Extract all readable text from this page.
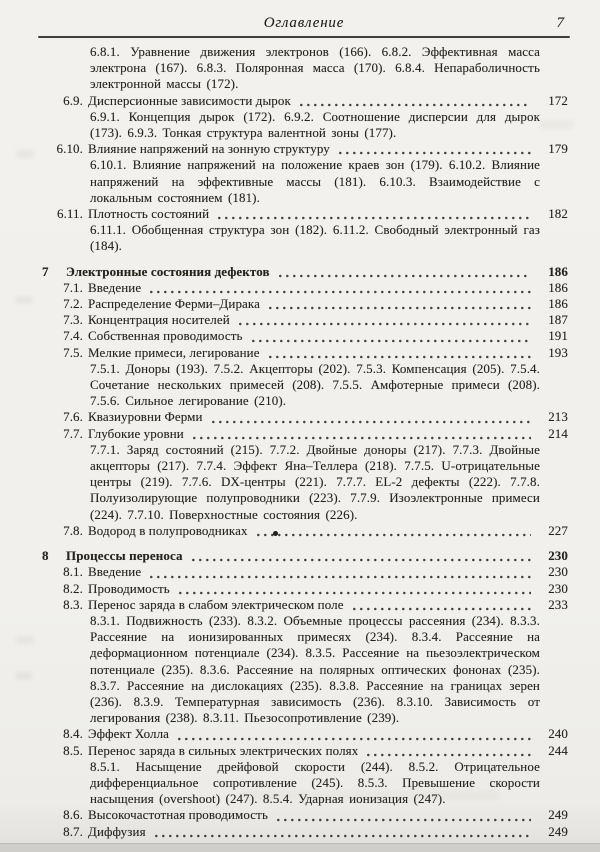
Оглавление	7
6.8.1. Уравнение движения электронов (166). 6.8.2. Эффективная масса электрона (167). 6.8.3. Поляронная масса (170). 6.8.4. Непараболичность электронной массы (172).
6.9. Дисперсионные зависимости дырок	172
6.9.1. Концепция дырок (172). 6.9.2. Соотношение дисперсии для дырок (173). 6.9.3. Тонкая структура валентной зоны (177).
6.10. Влияние напряжений на зонную структуру	179
6.10.1. Влияние напряжений на положение краев зон (179). 6.10.2. Влияние напряжений на эффективные массы (181). 6.10.3. Взаимодействие с локальным состоянием (181).
6.11. Плотность состояний	182
6.11.1. Обобщенная структура зон (182). 6.11.2. Свободный электронный газ (184).
7	Электронные состояния дефектов	186
7.1. Введение	186
7.2. Распределение Ферми–Дирака	186
7.3. Концентрация носителей	187
7.4. Собственная проводимость	191
7.5. Мелкие примеси, легирование	193
7.5.1. Доноры (193). 7.5.2. Акцепторы (202). 7.5.3. Компенсация (205). 7.5.4. Сочетание нескольких примесей (208). 7.5.5. Амфотерные примеси (208). 7.5.6. Сильное легирование (210).
7.6. Квазиуровни Ферми	213
7.7. Глубокие уровни	214
7.7.1. Заряд состояний (215). 7.7.2. Двойные доноры (217). 7.7.3. Двойные акцепторы (217). 7.7.4. Эффект Яна–Теллера (218). 7.7.5. U-отрицательные центры (219). 7.7.6. DX-центры (221). 7.7.7. EL-2 дефекты (222). 7.7.8. Полуизолирующие полупроводники (223). 7.7.9. Изоэлектронные примеси (224). 7.7.10. Поверхностные состояния (226).
7.8. Водород в полупроводниках	227
8	Процессы переноса	230
8.1. Введение	230
8.2. Проводимость	230
8.3. Перенос заряда в слабом электрическом поле	233
8.3.1. Подвижность (233). 8.3.2. Объемные процессы рассеяния (234). 8.3.3. Рассеяние на ионизированных примесях (234). 8.3.4. Рассеяние на деформационном потенциале (234). 8.3.5. Рассеяние на пьезоэлектрическом потенциале (235). 8.3.6. Рассеяние на полярных оптических фононах (235). 8.3.7. Рассеяние на дислокациях (235). 8.3.8. Рассеяние на границах зерен (236). 8.3.9. Температурная зависимость (236). 8.3.10. Зависимость от легирования (238). 8.3.11. Пьезосопротивление (239).
8.4. Эффект Холла	240
8.5. Перенос заряда в сильных электрических полях	244
8.5.1. Насыщение дрейфовой скорости (244). 8.5.2. Отрицательное дифференциальное сопротивление (245). 8.5.3. Превышение скорости насыщения (overshoot) (247). 8.5.4. Ударная ионизация (247).
8.6. Высокочастотная проводимость	249
8.7. Диффузия	249
